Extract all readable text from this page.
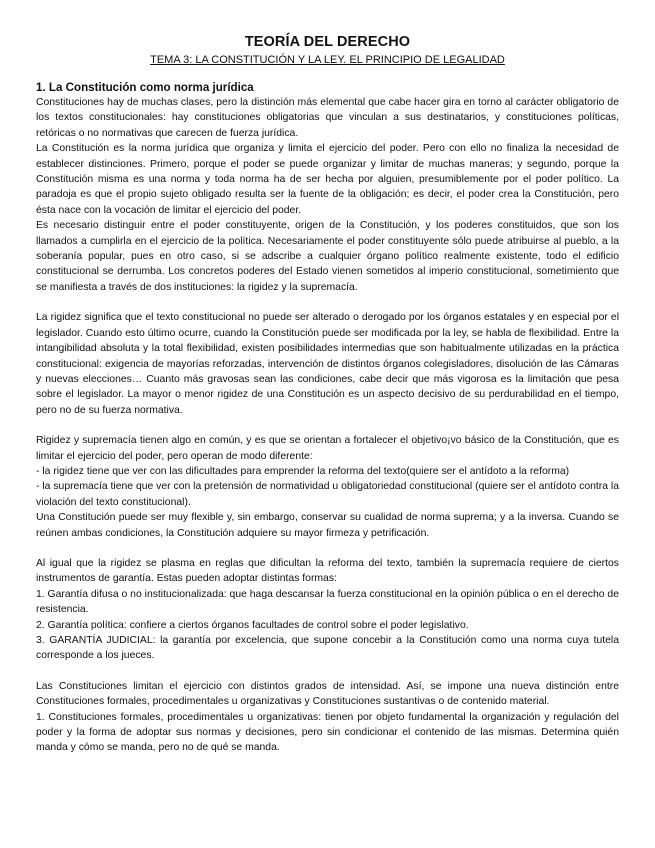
TEORÍA DEL DERECHO
TEMA 3: LA CONSTITUCIÓN Y LA LEY. EL PRINCIPIO DE LEGALIDAD
1. La Constitución como norma jurídica

Constituciones hay de muchas clases, pero la distinción más elemental que cabe hacer gira en torno al carácter obligatorio de los textos constitucionales: hay constituciones obligatorias que vinculan a sus destinatarios, y constituciones políticas, retóricas o no normativas que carecen de fuerza jurídica.

La Constitución es la norma jurídica que organiza y limita el ejercicio del poder. Pero con ello no finaliza la necesidad de establecer distinciones. Primero, porque el poder se puede organizar y limitar de muchas maneras; y segundo, porque la Constitución misma es una norma y toda norma ha de ser hecha por alguien, presumiblemente por el poder político. La paradoja es que el propio sujeto obligado resulta ser la fuente de la obligación; es decir, el poder crea la Constitución, pero ésta nace con la vocación de limitar el ejercicio del poder.

Es necesario distinguir entre el poder constituyente, origen de la Constitución, y los poderes constituidos, que son los llamados a cumplirla en el ejercicio de la política. Necesariamente el poder constituyente sólo puede atribuirse al pueblo, a la soberanía popular, pues en otro caso, si se adscribe a cualquier órgano político realmente existente, todo el edificio constitucional se derrumba. Los concretos poderes del Estado vienen sometidos al imperio constitucional, sometimiento que se manifiesta a través de dos instituciones: la rigidez y la supremacía.

La rigidez significa que el texto constitucional no puede ser alterado o derogado por los órganos estatales y en especial por el legislador. Cuando esto último ocurre, cuando la Constitución puede ser modificada por la ley, se habla de flexibilidad. Entre la intangibilidad absoluta y la total flexibilidad, existen posibilidades intermedias que son habitualmente utilizadas en la práctica constitucional: exigencia de mayorías reforzadas, intervención de distintos órganos colegisladores, disolución de las Cámaras y nuevas elecciones… Cuanto más gravosas sean las condiciones, cabe decir que más vigorosa es la limitación que pesa sobre el legislador. La mayor o menor rigidez de una Constitución es un aspecto decisivo de su perdurabilidad en el tiempo, pero no de su fuerza normativa.

Rigidez y supremacía tienen algo en común, y es que se orientan a fortalecer el objetivo¡vo básico de la Constitución, que es limitar el ejercicio del poder, pero operan de modo diferente:

- la rigidez tiene que ver con las dificultades para emprender la reforma del texto(quiere ser el antídoto a la reforma)

- la supremacía tiene que ver con la pretensión de normatividad u obligatoriedad constitucional (quiere ser el antídoto contra la violación del texto constitucional).

Una Constitución puede ser muy flexible y, sin embargo, conservar su cualidad de norma suprema; y a la inversa. Cuando se reúnen ambas condiciones, la Constitución adquiere su mayor firmeza y petrificación.

Al igual que la rigidez se plasma en reglas que dificultan la reforma del texto, también la supremacía requiere de ciertos instrumentos de garantía. Estas pueden adoptar distintas formas:

1. Garantía difusa o no institucionalizada: que haga descansar la fuerza constitucional en la opinión pública o en el derecho de resistencia.

2. Garantía política: confiere a ciertos órganos facultades de control sobre el poder legislativo.

3. GARANTÍA JUDICIAL: la garantía por excelencia, que supone concebir a la Constitución como una norma cuya tutela corresponde a los jueces.

Las Constituciones limitan el ejercicio con distintos grados de intensidad. Así, se impone una nueva distinción entre Constituciones formales, procedimentales u organizativas y Constituciones sustantivas o de contenido material.

1. Constituciones formales, procedimentales u organizativas: tienen por objeto fundamental la organización y regulación del poder y la forma de adoptar sus normas y decisiones, pero sin condicionar el contenido de las mismas. Determina quién manda y cómo se manda, pero no de qué se manda.
